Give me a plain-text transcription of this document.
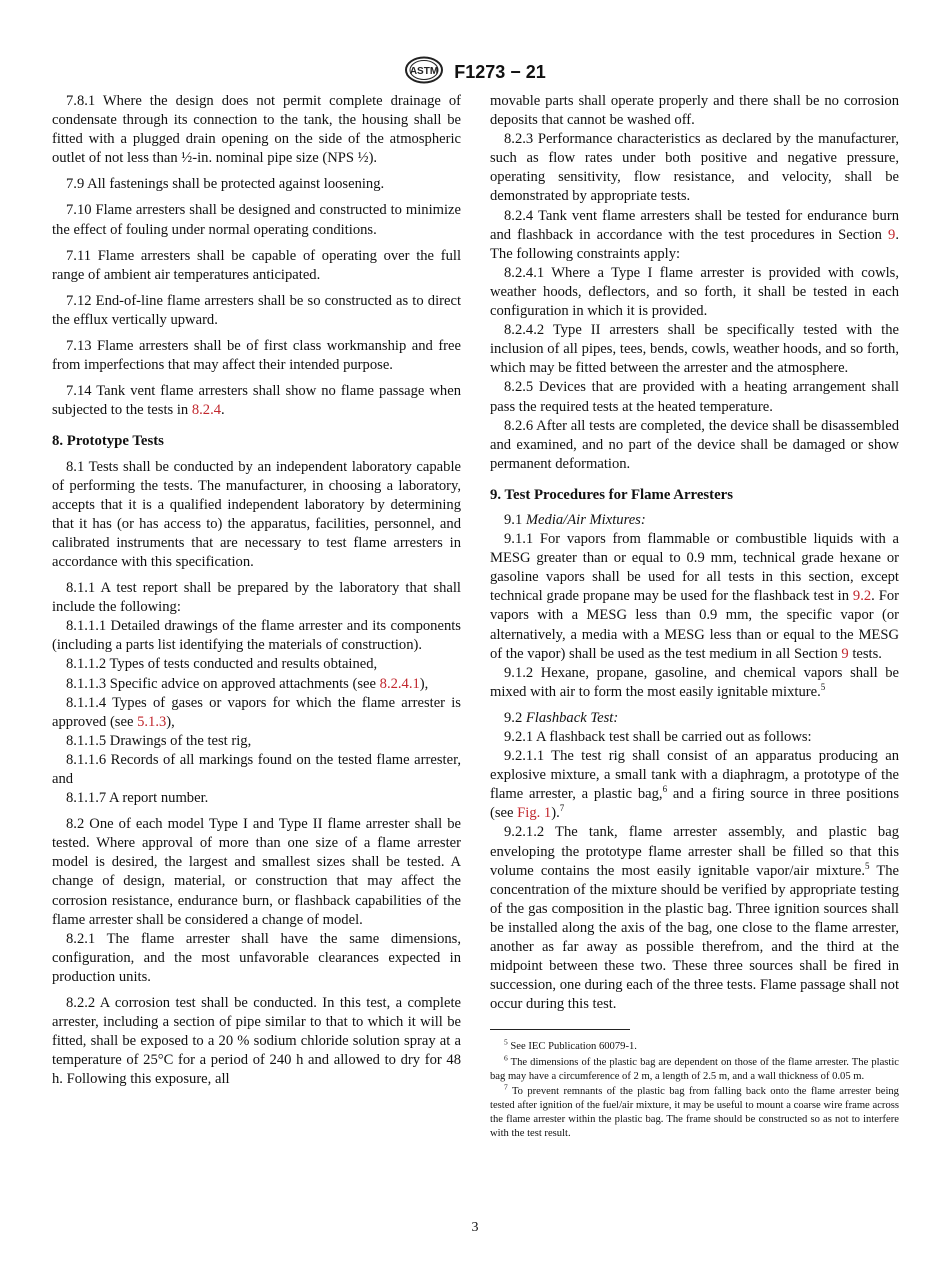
ASTM F1273 − 21

7.8.1 Where the design does not permit complete drainage of condensate through its connection to the tank, the housing shall be fitted with a plugged drain opening on the side of the atmospheric outlet of not less than ½-in. nominal pipe size (NPS ½).

7.9 All fastenings shall be protected against loosening.

7.10 Flame arresters shall be designed and constructed to minimize the effect of fouling under normal operating conditions.

7.11 Flame arresters shall be capable of operating over the full range of ambient air temperatures anticipated.

7.12 End-of-line flame arresters shall be so constructed as to direct the efflux vertically upward.

7.13 Flame arresters shall be of first class workmanship and free from imperfections that may affect their intended purpose.

7.14 Tank vent flame arresters shall show no flame passage when subjected to the tests in 8.2.4.

8. Prototype Tests

8.1 Tests shall be conducted by an independent laboratory capable of performing the tests. The manufacturer, in choosing a laboratory, accepts that it is a qualified independent laboratory by determining that it has (or has access to) the apparatus, facilities, personnel, and calibrated instruments that are necessary to test flame arresters in accordance with this specification.

8.1.1 A test report shall be prepared by the laboratory that shall include the following:

8.1.1.1 Detailed drawings of the flame arrester and its components (including a parts list identifying the materials of construction).

8.1.1.2 Types of tests conducted and results obtained,

8.1.1.3 Specific advice on approved attachments (see 8.2.4.1),

8.1.1.4 Types of gases or vapors for which the flame arrester is approved (see 5.1.3),

8.1.1.5 Drawings of the test rig,

8.1.1.6 Records of all markings found on the tested flame arrester, and

8.1.1.7 A report number.

8.2 One of each model Type I and Type II flame arrester shall be tested. Where approval of more than one size of a flame arrester model is desired, the largest and smallest sizes shall be tested. A change of design, material, or construction that may affect the corrosion resistance, endurance burn, or flashback capabilities of the flame arrester shall be considered a change of model.

8.2.1 The flame arrester shall have the same dimensions, configuration, and the most unfavorable clearances expected in production units.

8.2.2 A corrosion test shall be conducted. In this test, a complete arrester, including a section of pipe similar to that to which it will be fitted, shall be exposed to a 20 % sodium chloride solution spray at a temperature of 25°C for a period of 240 h and allowed to dry for 48 h. Following this exposure, all

movable parts shall operate properly and there shall be no corrosion deposits that cannot be washed off.

8.2.3 Performance characteristics as declared by the manufacturer, such as flow rates under both positive and negative pressure, operating sensitivity, flow resistance, and velocity, shall be demonstrated by appropriate tests.

8.2.4 Tank vent flame arresters shall be tested for endurance burn and flashback in accordance with the test procedures in Section 9. The following constraints apply:

8.2.4.1 Where a Type I flame arrester is provided with cowls, weather hoods, deflectors, and so forth, it shall be tested in each configuration in which it is provided.

8.2.4.2 Type II arresters shall be specifically tested with the inclusion of all pipes, tees, bends, cowls, weather hoods, and so forth, which may be fitted between the arrester and the atmosphere.

8.2.5 Devices that are provided with a heating arrangement shall pass the required tests at the heated temperature.

8.2.6 After all tests are completed, the device shall be disassembled and examined, and no part of the device shall be damaged or show permanent deformation.

9. Test Procedures for Flame Arresters

9.1 Media/Air Mixtures:

9.1.1 For vapors from flammable or combustible liquids with a MESG greater than or equal to 0.9 mm, technical grade hexane or gasoline vapors shall be used for all tests in this section, except technical grade propane may be used for the flashback test in 9.2. For vapors with a MESG less than 0.9 mm, the specific vapor (or alternatively, a media with a MESG less than or equal to the MESG of the vapor) shall be used as the test medium in all Section 9 tests.

9.1.2 Hexane, propane, gasoline, and chemical vapors shall be mixed with air to form the most easily ignitable mixture.$^5$

9.2 Flashback Test:

9.2.1 A flashback test shall be carried out as follows:

9.2.1.1 The test rig shall consist of an apparatus producing an explosive mixture, a small tank with a diaphragm, a prototype of the flame arrester, a plastic bag,$^6$ and a firing source in three positions (see Fig. 1).$^7$

9.2.1.2 The tank, flame arrester assembly, and plastic bag enveloping the prototype flame arrester shall be filled so that this volume contains the most easily ignitable vapor/air mixture.$^5$ The concentration of the mixture should be verified by appropriate testing of the gas composition in the plastic bag. Three ignition sources shall be installed along the axis of the bag, one close to the flame arrester, another as far away as possible therefrom, and the third at the midpoint between these two. These three sources shall be fired in succession, one during each of the three tests. Flame passage shall not occur during this test.

$^5$ See IEC Publication 60079-1.

$^6$ The dimensions of the plastic bag are dependent on those of the flame arrester. The plastic bag may have a circumference of 2 m, a length of 2.5 m, and a wall thickness of 0.05 m.

$^7$ To prevent remnants of the plastic bag from falling back onto the flame arrester being tested after ignition of the fuel/air mixture, it may be useful to mount a coarse wire frame across the flame arrester within the plastic bag. The frame should be constructed so as not to interfere with the test result.

3
